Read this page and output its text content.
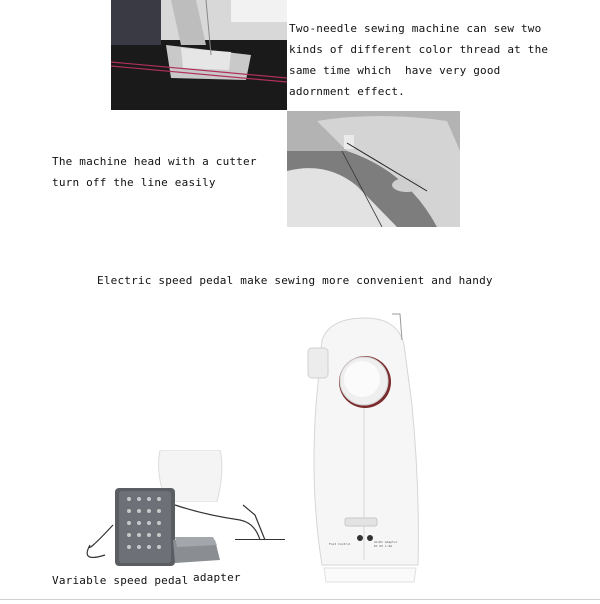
Two-needle sewing machine can sew two kinds of different color thread at the same time which  have very good adornment effect.
The machine head with a cutter turn off the line easily
Electric speed pedal make sewing more convenient and handy
Foot Control	AC/DC Adaptor DC 6V 1.0A
Variable speed pedal adapter
